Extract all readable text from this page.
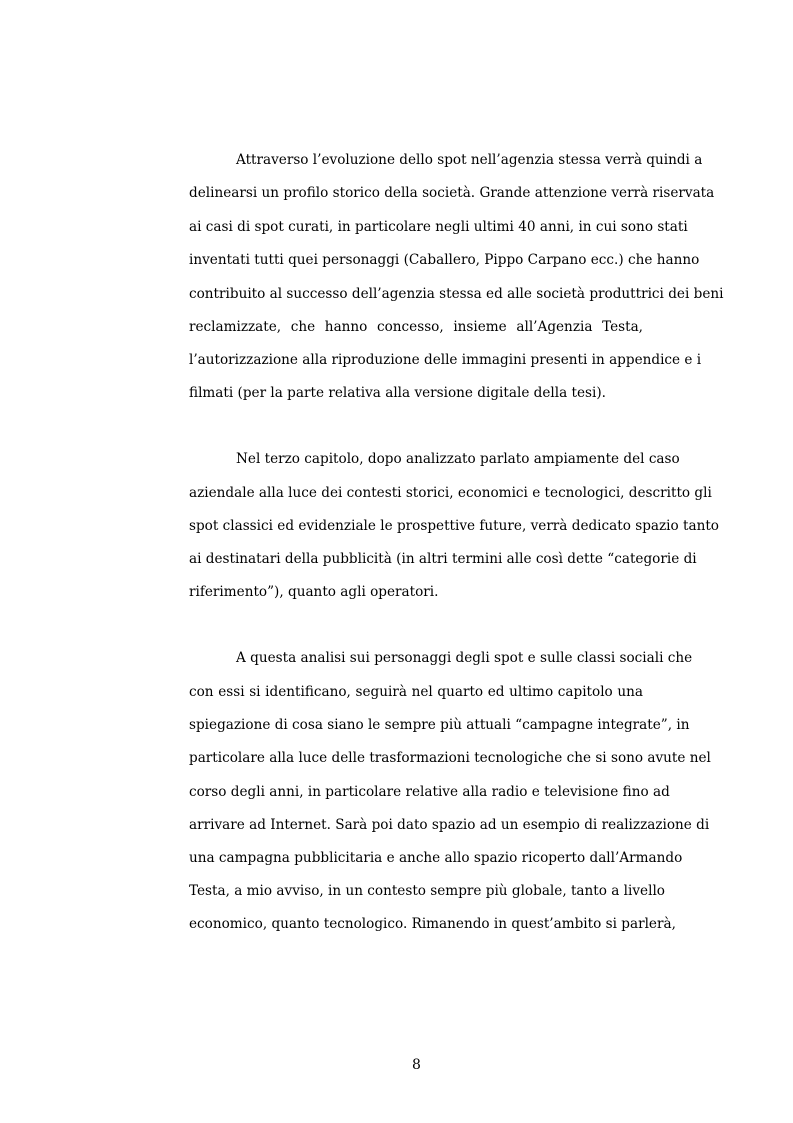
Attraverso l’evoluzione dello spot nell’agenzia stessa verrà quindi a
delinearsi un profilo storico della società. Grande attenzione verrà riservata
ai casi di spot curati, in particolare negli ultimi 40 anni, in cui sono stati
inventati tutti quei personaggi (Caballero, Pippo Carpano ecc.) che hanno
contribuito al successo dell’agenzia stessa ed alle società produttrici dei beni
reclamizzate, che hanno concesso, insieme all’Agenzia Testa,
l’autorizzazione alla riproduzione delle immagini presenti in appendice e i
filmati (per la parte relativa alla versione digitale della tesi).
Nel terzo capitolo, dopo analizzato parlato ampiamente del caso
aziendale alla luce dei contesti storici, economici e tecnologici, descritto gli
spot classici ed evidenziale le prospettive future, verrà dedicato spazio tanto
ai destinatari della pubblicità (in altri termini alle così dette “categorie di
riferimento”), quanto agli operatori.
A questa analisi sui personaggi degli spot e sulle classi sociali che
con essi si identificano, seguirà nel quarto ed ultimo capitolo una
spiegazione di cosa siano le sempre più attuali “campagne integrate”, in
particolare alla luce delle trasformazioni tecnologiche che si sono avute nel
corso degli anni, in particolare relative alla radio e televisione fino ad
arrivare ad Internet. Sarà poi dato spazio ad un esempio di realizzazione di
una campagna pubblicitaria e anche allo spazio ricoperto dall’Armando
Testa, a mio avviso, in un contesto sempre più globale, tanto a livello
economico, quanto tecnologico. Rimanendo in quest’ambito si parlerà,
8
